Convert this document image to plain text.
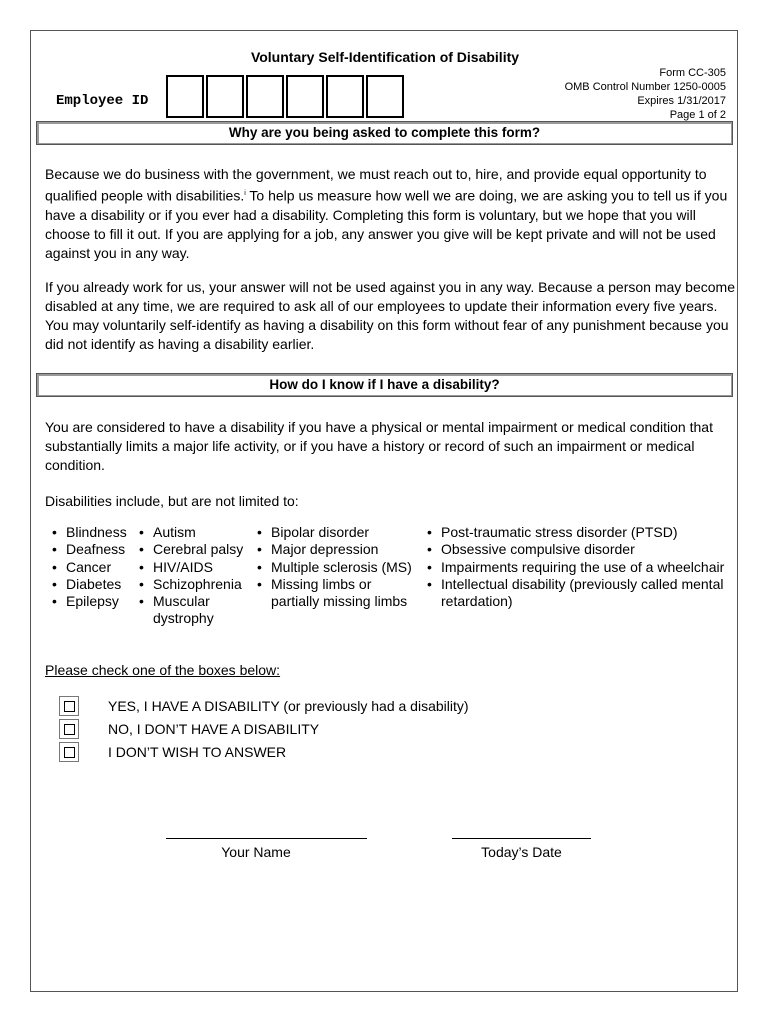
Voluntary Self-Identification of Disability
Form CC-305
OMB Control Number 1250-0005
Expires 1/31/2017
Page 1 of 2
Employee ID
Why are you being asked to complete this form?

Because we do business with the government, we must reach out to, hire, and provide equal opportunity to qualified people with disabilities.$^i$ To help us measure how well we are doing, we are asking you to tell us if you have a disability or if you ever had a disability. Completing this form is voluntary, but we hope that you will choose to fill it out. If you are applying for a job, any answer you give will be kept private and will not be used against you in any way.

If you already work for us, your answer will not be used against you in any way. Because a person may become disabled at any time, we are required to ask all of our employees to update their information every five years. You may voluntarily self-identify as having a disability on this form without fear of any punishment because you did not identify as having a disability earlier.

How do I know if I have a disability?

You are considered to have a disability if you have a physical or mental impairment or medical condition that substantially limits a major life activity, or if you have a history or record of such an impairment or medical condition.

Disabilities include, but are not limited to:

• Blindness
• Deafness
• Cancer
• Diabetes
• Epilepsy
• Autism
• Cerebral palsy
• HIV/AIDS
• Schizophrenia
• Muscular dystrophy
• Bipolar disorder
• Major depression
• Multiple sclerosis (MS)
• Missing limbs or partially missing limbs
• Post-traumatic stress disorder (PTSD)
• Obsessive compulsive disorder
• Impairments requiring the use of a wheelchair
• Intellectual disability (previously called mental retardation)
Please check one of the boxes below:
YES, I HAVE A DISABILITY (or previously had a disability)
NO, I DON’T HAVE A DISABILITY
I DON’T WISH TO ANSWER
Your Name	Today’s Date
